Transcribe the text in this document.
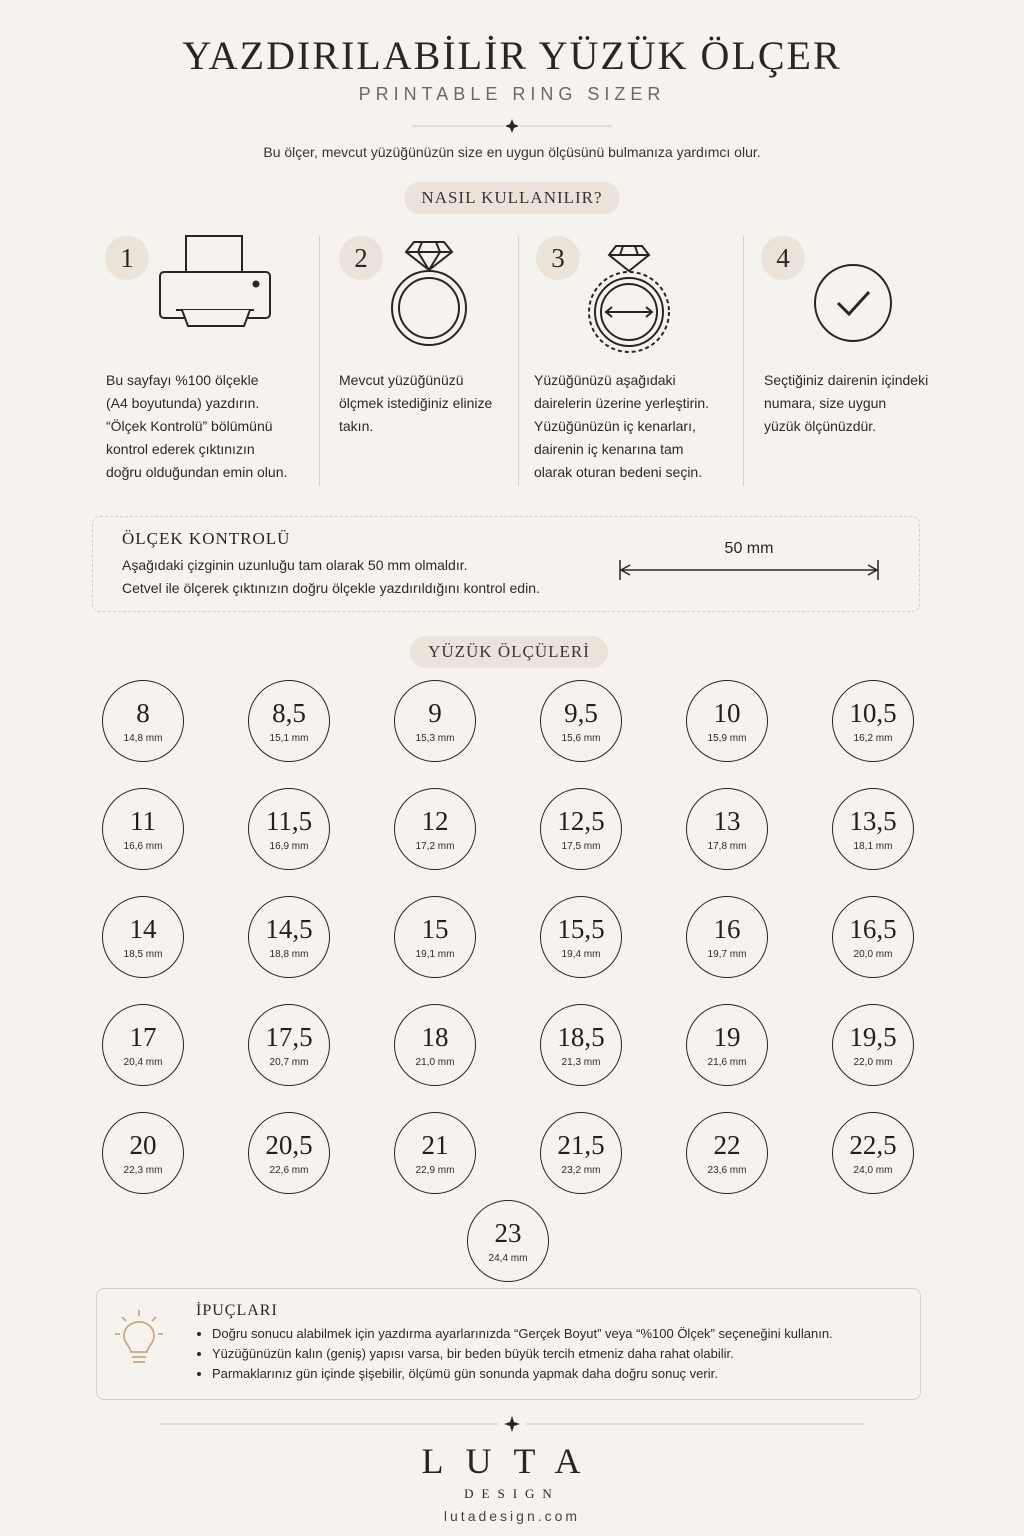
YAZDIRILABİLİR YÜZÜK ÖLÇER
PRINTABLE RING SIZER
Bu ölçer, mevcut yüzüğünüzün size en uygun ölçüsünü bulmanıza yardımcı olur.
NASIL KULLANILIR?
1
Bu sayfayı %100 ölçekle
(A4 boyutunda) yazdırın.
“Ölçek Kontrolü” bölümünü
kontrol ederek çıktınızın
doğru olduğundan emin olun.
2
Mevcut yüzüğünüzü
ölçmek istediğiniz elinize
takın.
3
Yüzüğünüzü aşağıdaki
dairelerin üzerine yerleştirin.
Yüzüğünüzün iç kenarları,
dairenin iç kenarına tam
olarak oturan bedeni seçin.
4
Seçtiğiniz dairenin içindeki
numara, size uygun
yüzük ölçünüzdür.
ÖLÇEK KONTROLÜ
Aşağıdaki çizginin uzunluğu tam olarak 50 mm olmaldır.
Cetvel ile ölçerek çıktınızın doğru ölçekle yazdırıldığını kontrol edin.
50 mm
YÜZÜK ÖLÇÜLERİ
8
14,8 mm
8,5
15,1 mm
9
15,3 mm
9,5
15,6 mm
10
15,9 mm
10,5
16,2 mm
11
16,6 mm
11,5
16,9 mm
12
17,2 mm
12,5
17,5 mm
13
17,8 mm
13,5
18,1 mm
14
18,5 mm
14,5
18,8 mm
15
19,1 mm
15,5
19,4 mm
16
19,7 mm
16,5
20,0 mm
17
20,4 mm
17,5
20,7 mm
18
21,0 mm
18,5
21,3 mm
19
21,6 mm
19,5
22,0 mm
20
22,3 mm
20,5
22,6 mm
21
22,9 mm
21,5
23,2 mm
22
23,6 mm
22,5
24,0 mm
23
24,4 mm
İPUÇLARI
• Doğru sonucu alabilmek için yazdırma ayarlarınızda “Gerçek Boyut” veya “%100 Ölçek” seçeneğini kullanın.
• Yüzüğünüzün kalın (geniş) yapısı varsa, bir beden büyük tercih etmeniz daha rahat olabilir.
• Parmaklarınız gün içinde şişebilir, ölçümü gün sonunda yapmak daha doğru sonuç verir.
LUTA
DESIGN
lutadesign.com
